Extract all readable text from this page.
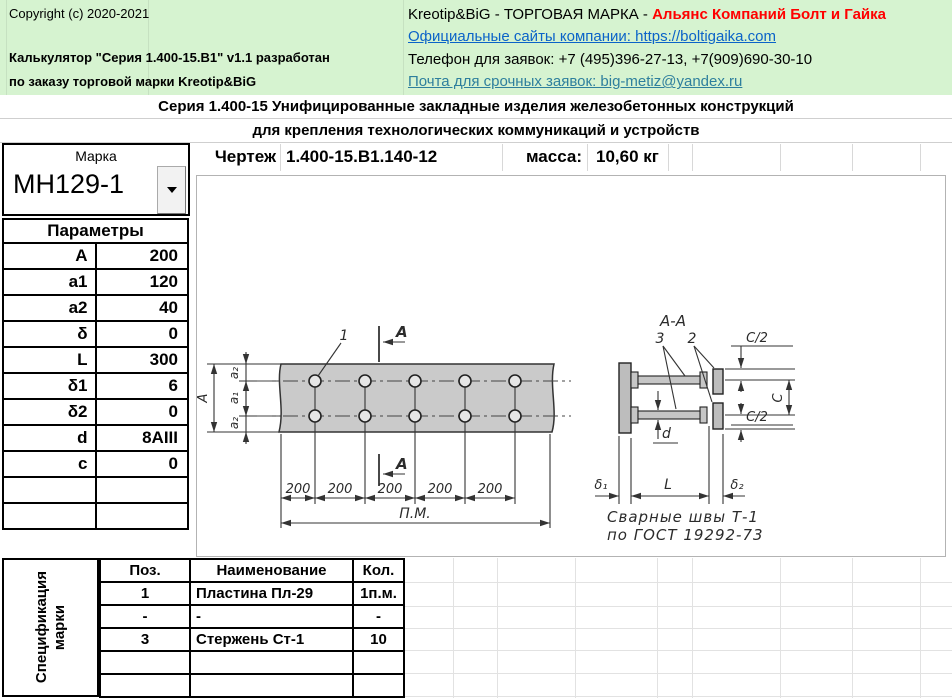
Copyright (c) 2020-2021
Калькулятор "Серия 1.400-15.В1" v1.1 разработан
по заказу торговой марки Kreotip&BiG
Kreotip&BiG - ТОРГОВАЯ МАРКА - Альянс Компаний Болт и Гайка
Официальные сайты компании: https://boltigaika.com
Телефон для заявок: +7 (495)396-27-13, +7(909)690-30-10
Почта для срочных заявок: big-metiz@yandex.ru
Серия 1.400-15 Унифицированные закладные изделия железобетонных конструкций
для крепления технологических коммуникаций и устройств
Чертеж 1.400-15.В1.140-12	масса: 10,60 кг
Марка
МН129-1
Параметры	
A	200
a1	120
a2	40
δ	0
L	300
δ1	6
δ2	0
d	8AIII
c	0

Спецификация марки
Поз.	Наименование	Кол.
1	Пластина Пл-29	1п.м.
-	-	-
3	Стержень Ст-1	10

A
a₂
a₁
a₂
1	A
A
200 200 200 200 200
П.М.
А-А
3 2	C/2
C
C/2
d
δ₁	L	δ₂
Сварные швы Т-1
по ГОСТ 19292-73
